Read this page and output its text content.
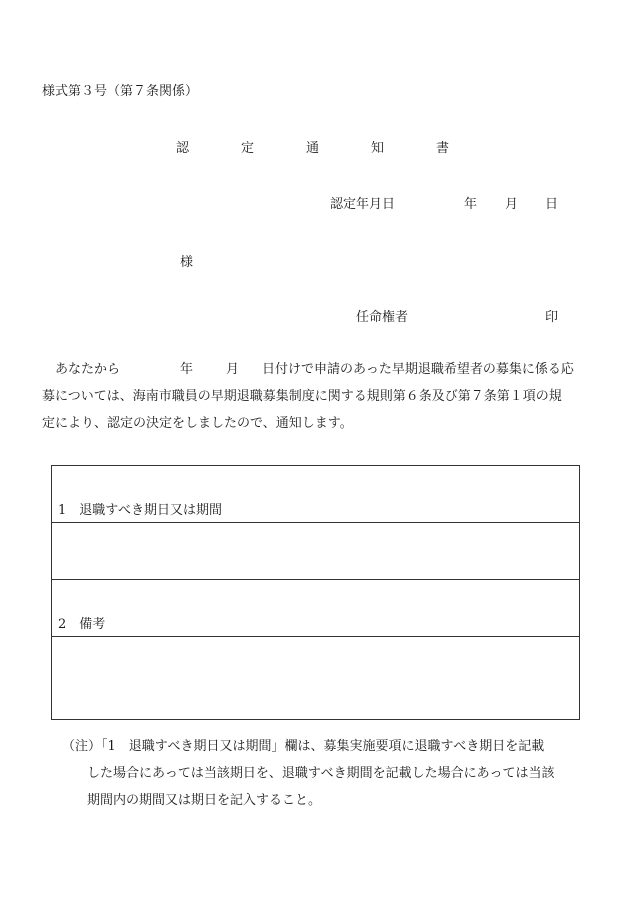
様式第３号（第７条関係）
認	定	通	知	書
認定年月日	年 月 日
様
任命権者	印
あなたから	年	月 日付けで申請のあった早期退職希望者の募集に係る応
募については、海南市職員の早期退職募集制度に関する規則第６条及び第７条第１項の規
定により、認定の決定をしましたので、通知します。
1　退職すべき期日又は期間
2　備考
（注）「1　退職すべき期日又は期間」欄は、募集実施要項に退職すべき期日を記載
した場合にあっては当該期日を、退職すべき期間を記載した場合にあっては当該
期間内の期間又は期日を記入すること。
